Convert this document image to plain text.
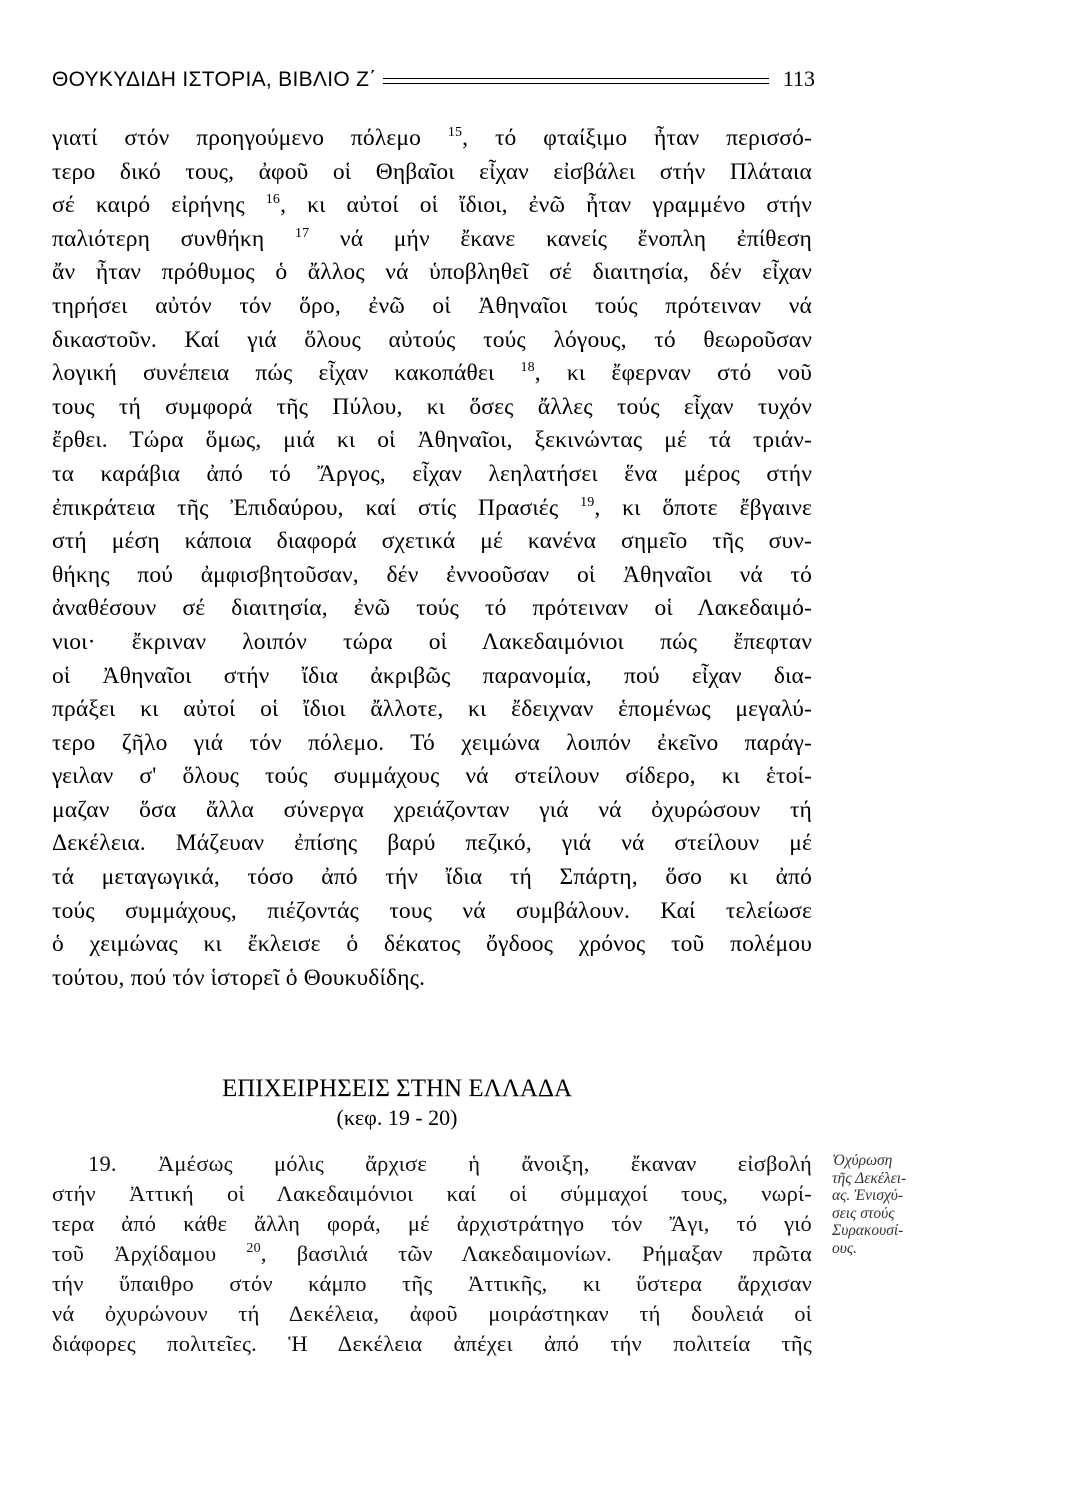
ΘΟΥΚΥΔΙΔΗ ΙΣΤΟΡΙΑ, ΒΙΒΛΙΟ Ζ΄	113
γιατί στόν προηγούμενο πόλεμο $^{15}$, τό φταίξιμο ἦταν περισσό-
τερο δικό τους, ἀφοῦ οἱ Θηβαῖοι εἶχαν εἰσβάλει στήν Πλάταια
σέ καιρό εἰρήνης $^{16}$, κι αὐτοί οἱ ἴδιοι, ἐνῶ ἦταν γραμμένο στήν
παλιότερη συνθήκη $^{17}$ νά μήν ἔκανε κανείς ἔνοπλη ἐπίθεση
ἄν ἦταν πρόθυμος ὁ ἄλλος νά ὑποβληθεῖ σέ διαιτησία, δέν εἶχαν
τηρήσει αὐτόν τόν ὅρο, ἐνῶ οἱ Ἀθηναῖοι τούς πρότειναν νά
δικαστοῦν. Καί γιά ὅλους αὐτούς τούς λόγους, τό θεωροῦσαν
λογική συνέπεια πώς εἶχαν κακοπάθει $^{18}$, κι ἔφερναν στό νοῦ
τους τή συμφορά τῆς Πύλου, κι ὅσες ἄλλες τούς εἶχαν τυχόν
ἔρθει. Τώρα ὅμως, μιά κι οἱ Ἀθηναῖοι, ξεκινώντας μέ τά τριάν-
τα καράβια ἀπό τό Ἄργος, εἶχαν λεηλατήσει ἕνα μέρος στήν
ἐπικράτεια τῆς Ἐπιδαύρου, καί στίς Πρασιές $^{19}$, κι ὅποτε ἔβγαινε
στή μέση κάποια διαφορά σχετικά μέ κανένα σημεῖο τῆς συν-
θήκης πού ἀμφισβητοῦσαν, δέν ἐννοοῦσαν οἱ Ἀθηναῖοι νά τό
ἀναθέσουν σέ διαιτησία, ἐνῶ τούς τό πρότειναν οἱ Λακεδαιμό-
νιοι· ἔκριναν λοιπόν τώρα οἱ Λακεδαιμόνιοι πώς ἔπεφταν
οἱ Ἀθηναῖοι στήν ἴδια ἀκριβῶς παρανομία, πού εἶχαν δια-
πράξει κι αὐτοί οἱ ἴδιοι ἄλλοτε, κι ἔδειχναν ἑπομένως μεγαλύ-
τερο ζῆλο γιά τόν πόλεμο. Τό χειμώνα λοιπόν ἐκεῖνο παράγ-
γειλαν σ' ὅλους τούς συμμάχους νά στείλουν σίδερο, κι ἑτοί-
μαζαν ὅσα ἄλλα σύνεργα χρειάζονταν γιά νά ὀχυρώσουν τή
Δεκέλεια. Μάζευαν ἐπίσης βαρύ πεζικό, γιά νά στείλουν μέ
τά μεταγωγικά, τόσο ἀπό τήν ἴδια τή Σπάρτη, ὅσο κι ἀπό
τούς συμμάχους, πιέζοντάς τους νά συμβάλουν. Καί τελείωσε
ὁ χειμώνας κι ἔκλεισε ὁ δέκατος ὄγδοος χρόνος τοῦ πολέμου
τούτου, πού τόν ἱστορεῖ ὁ Θουκυδίδης.
ΕΠΙΧΕΙΡΗΣΕΙΣ ΣΤΗΝ ΕΛΛΑΔΑ
(κεφ. 19 - 20)
19. Ἀμέσως μόλις ἄρχισε ἡ ἄνοιξη, ἔκαναν εἰσβολή
στήν Ἀττική οἱ Λακεδαιμόνιοι καί οἱ σύμμαχοί τους, νωρί-
τερα ἀπό κάθε ἄλλη φορά, μέ ἀρχιστράτηγο τόν Ἄγι, τό γιό
τοῦ Ἀρχίδαμου $^{20}$, βασιλιά τῶν Λακεδαιμονίων. Ρήμαξαν πρῶτα
τήν ὕπαιθρο στόν κάμπο τῆς Ἀττικῆς, κι ὕστερα ἄρχισαν
νά ὀχυρώνουν τή Δεκέλεια, ἀφοῦ μοιράστηκαν τή δουλειά οἱ
διάφορες πολιτεῖες. Ἡ Δεκέλεια ἀπέχει ἀπό τήν πολιτεία τῆς
Ὀχύρωση
τῆς Δεκέλει-
ας. Ἐνισχύ-
σεις στούς
Συρακουσί-
ους.
